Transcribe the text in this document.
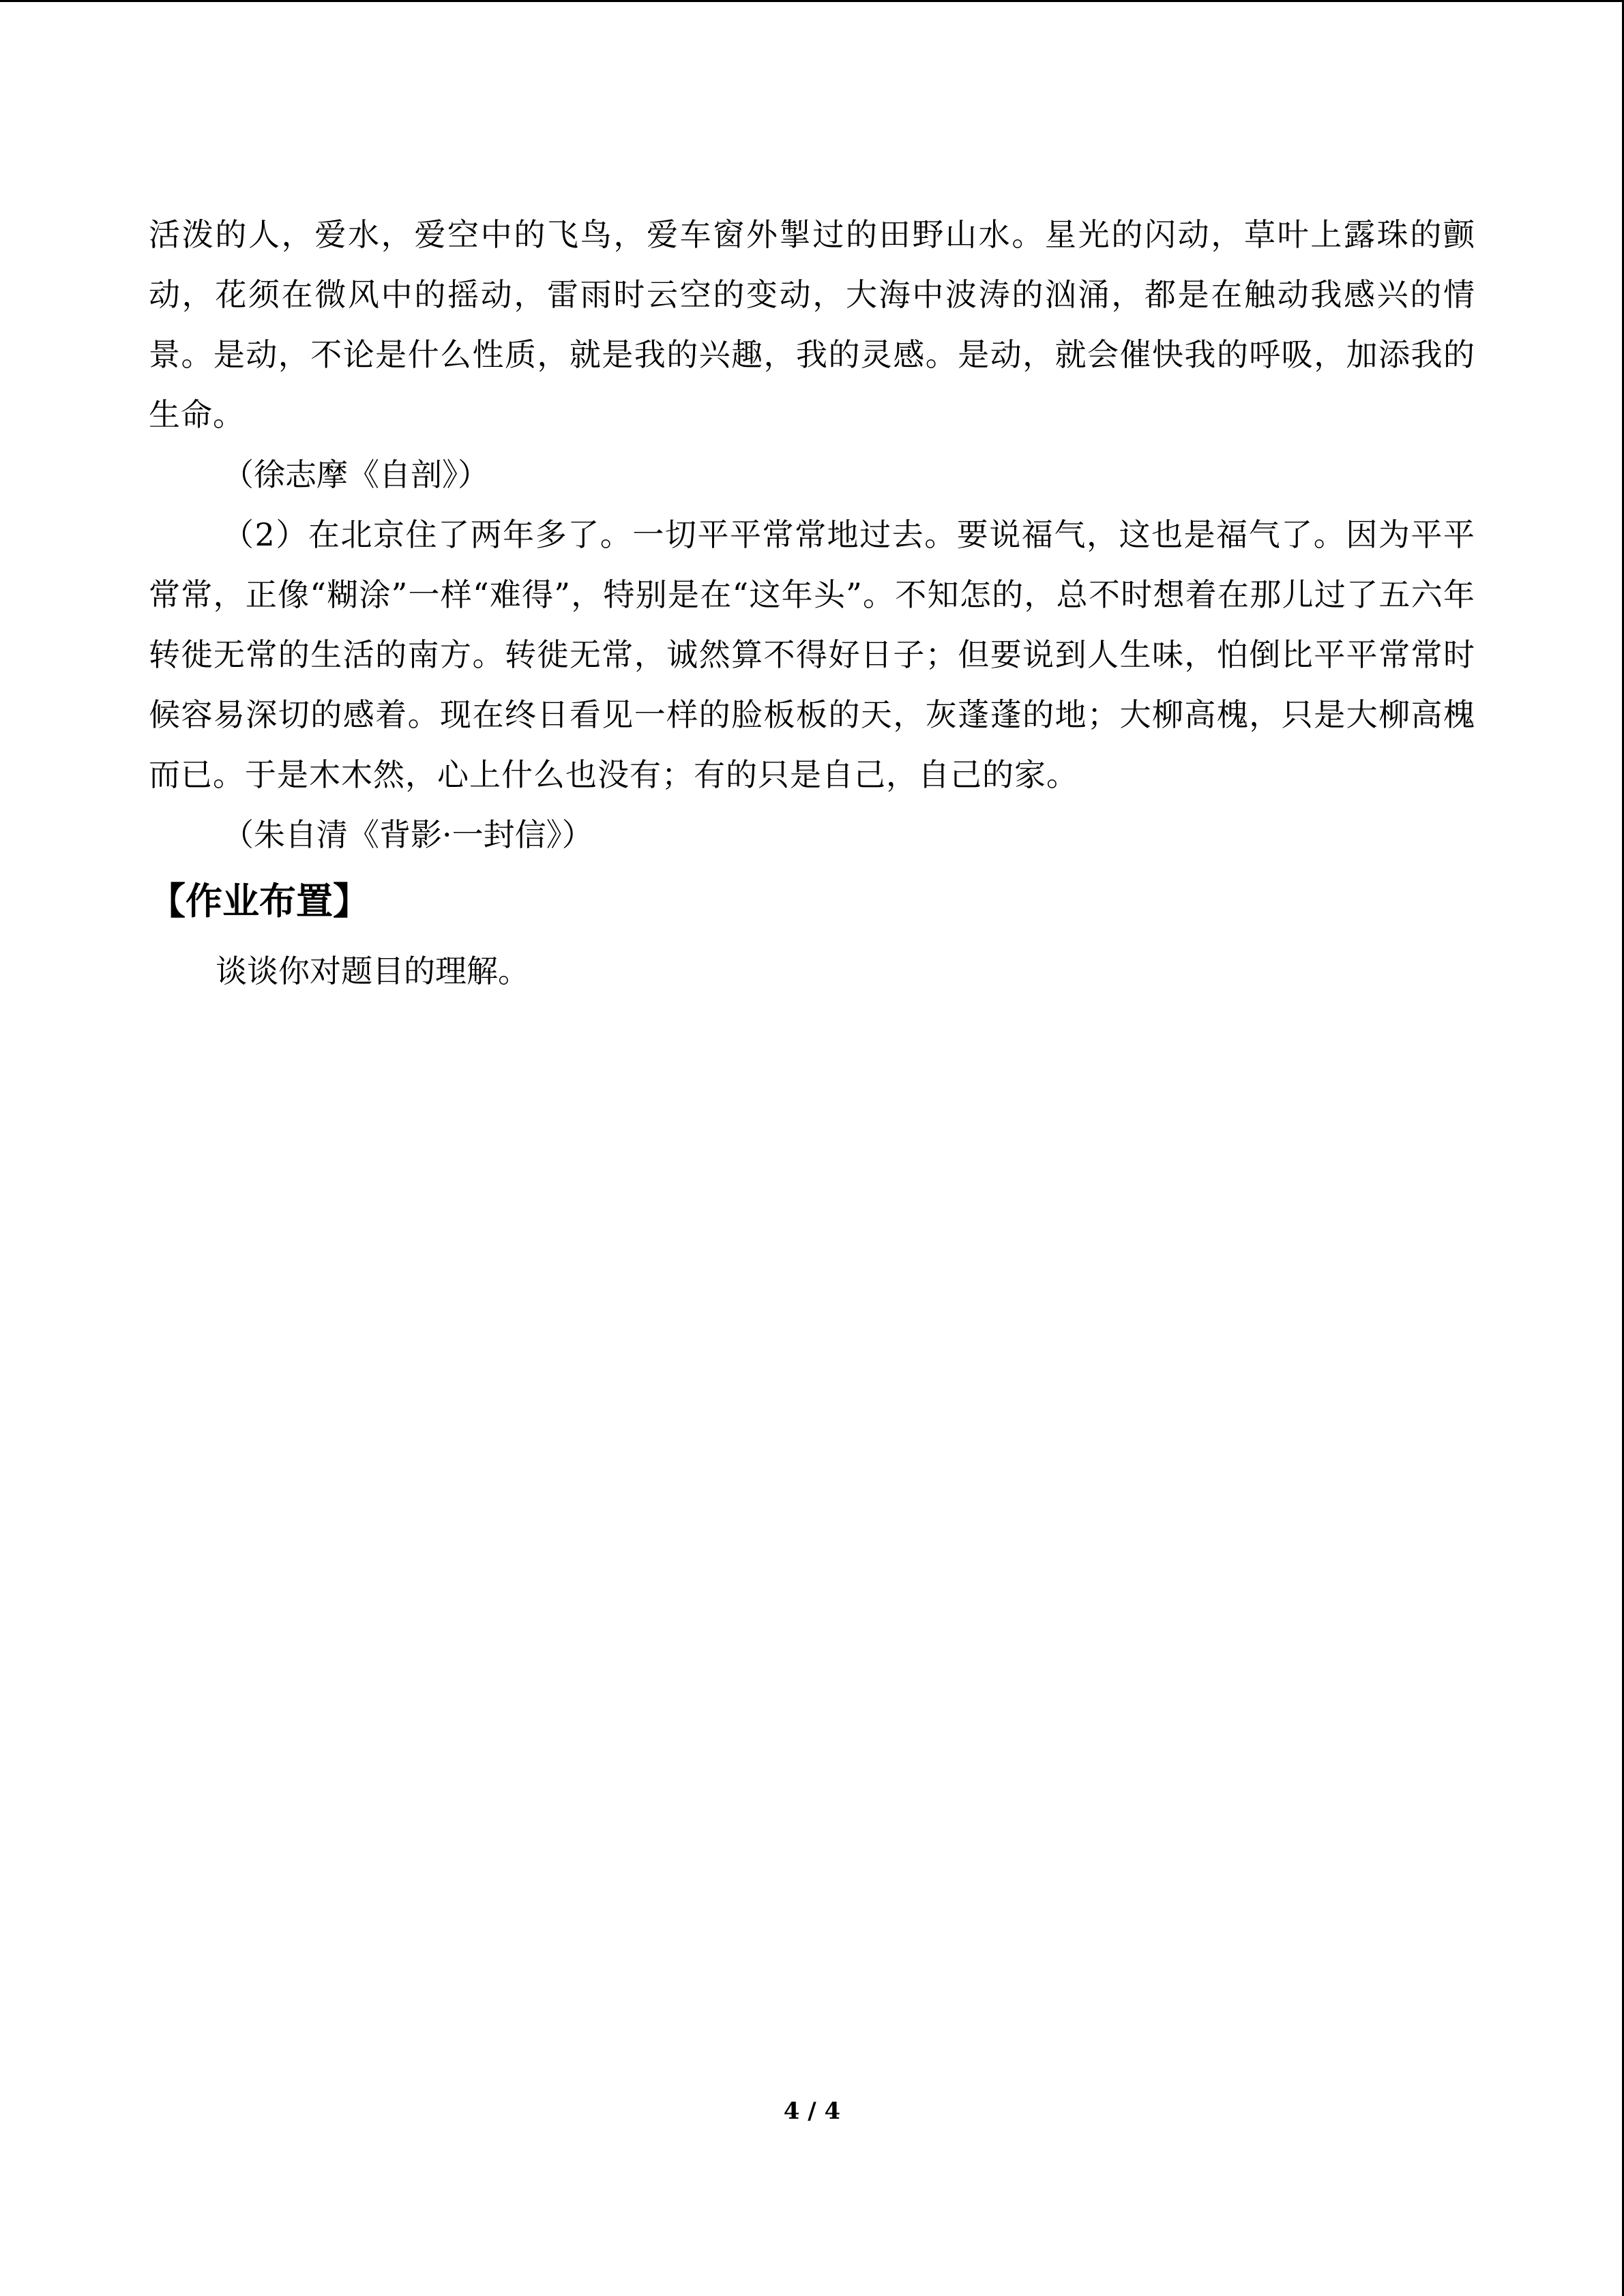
活泼的人，爱水，爱空中的飞鸟，爱车窗外掣过的田野山水。星光的闪动，草叶上露珠的颤动，花须在微风中的摇动，雷雨时云空的变动，大海中波涛的汹涌，都是在触动我感兴的情景。是动，不论是什么性质，就是我的兴趣，我的灵感。是动，就会催快我的呼吸，加添我的生命。

（徐志摩《自剖》）

（2）在北京住了两年多了。一切平平常常地过去。要说福气，这也是福气了。因为平平常常，正像“糊涂”一样“难得”，特别是在“这年头”。不知怎的，总不时想着在那儿过了五六年转徙无常的生活的南方。转徙无常，诚然算不得好日子；但要说到人生味，怕倒比平平常常时候容易深切的感着。现在终日看见一样的脸板板的天，灰蓬蓬的地；大柳高槐，只是大柳高槐而已。于是木木然，心上什么也没有；有的只是自己，自己的家。

（朱自清《背影·一封信》）

【作业布置】

谈谈你对题目的理解。

4 / 4
